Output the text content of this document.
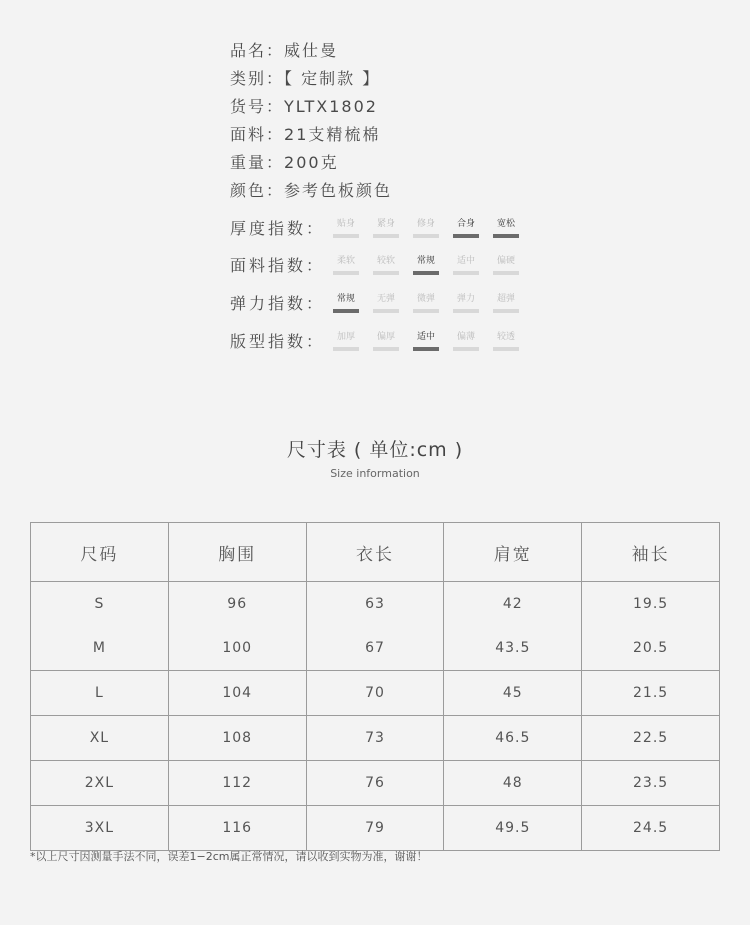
品名：威仕曼
类别：【 定制款 】
货号：YLTX1802
面料：21支精梳棉
重量：200克
颜色：参考色板颜色
厚度指数：	贴身	紧身	修身	合身	宽松
面料指数：	柔软	较软	常规	适中	偏硬
弹力指数：	常规	无弹	微弹	弹力	超弹
版型指数：	加厚	偏厚	适中	偏薄	较透
尺寸表 ( 单位:cm )
Size information
尺码	胸围	衣长	肩宽	袖长
S	96	63	42	19.5
M	100	67	43.5	20.5
L	104	70	45	21.5
XL	108	73	46.5	22.5
2XL	112	76	48	23.5
3XL	116	79	49.5	24.5
*以上尺寸因测量手法不同，误差1−2cm属正常情况，请以收到实物为准，谢谢！
